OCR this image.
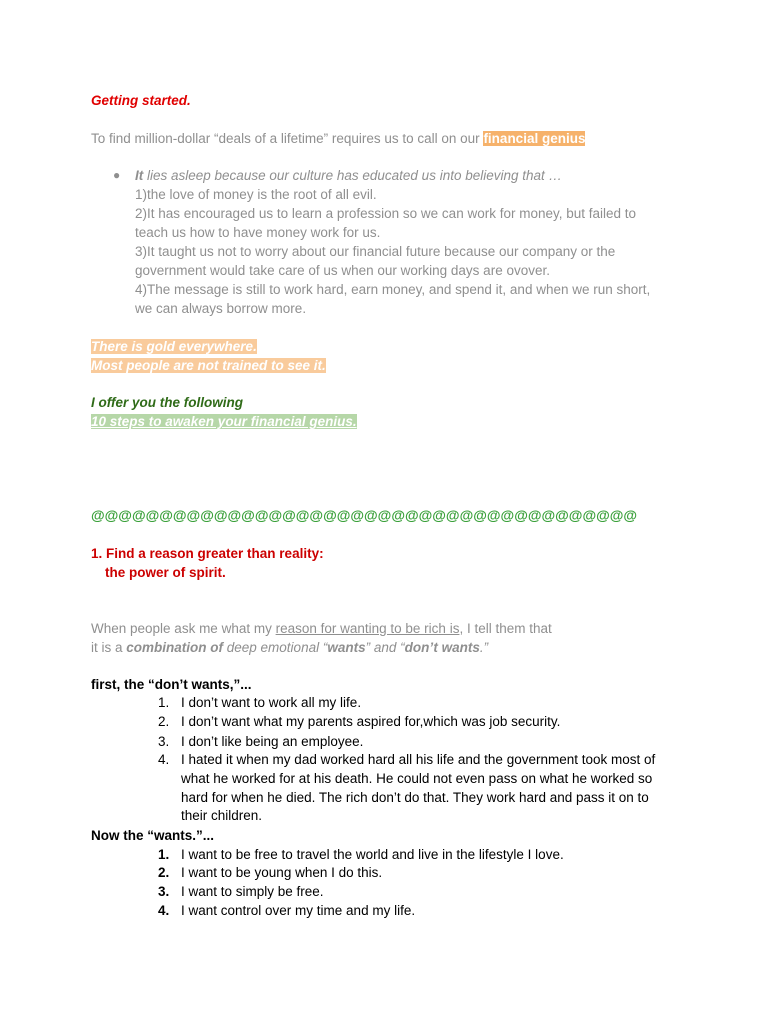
Getting started.
To find million-dollar “deals of a lifetime” requires us to call on our financial genius
● It lies asleep because our culture has educated us into believing that …
1)the love of money is the root of all evil.
2)It has encouraged us to learn a profession so we can work for money, but failed to
teach us how to have money work for us.
3)It taught us not to worry about our financial future because our company or the
government would take care of us when our working days are ovover.
4)The message is still to work hard, earn money, and spend it, and when we run short,
we can always borrow more.
There is gold everywhere.
Most people are not trained to see it.
I offer you the following
10 steps to awaken your financial genius.
@@@@@@@@@@@@@@@@@@@@@@@@@@@@@@@@@@@@@@@@
1. Find a reason greater than reality:
the power of spirit.
When people ask me what my reason for wanting to be rich is, I tell them that
it is a combination of deep emotional “wants” and “don’t wants.”
first, the “don’t wants,”...
1. I don’t want to work all my life.
2. I don’t want what my parents aspired for,which was job security.
3. I don’t like being an employee.
4. I hated it when my dad worked hard all his life and the government took most of
what he worked for at his death. He could not even pass on what he worked so
hard for when he died. The rich don’t do that. They work hard and pass it on to
their children.
Now the “wants.”...
1. I want to be free to travel the world and live in the lifestyle I love.
2. I want to be young when I do this.
3. I want to simply be free.
4. I want control over my time and my life.
